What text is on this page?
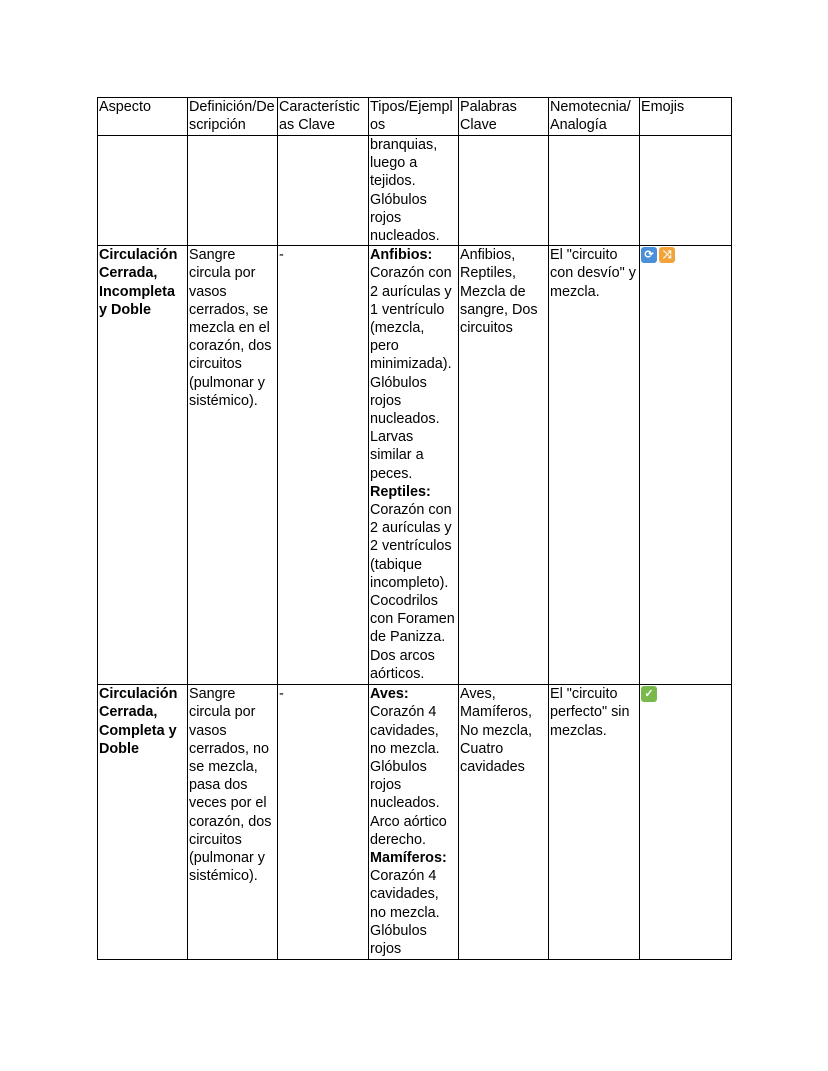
Aspecto	Definición/Descripción	Características Clave	Tipos/Ejemplos	Palabras Clave	Nemotecnia/Analogía	Emojis
			branquias, luego a tejidos. Glóbulos rojos nucleados.			
Circulación Cerrada, Incompleta y Doble	Sangre circula por vasos cerrados, se mezcla en el corazón, dos circuitos (pulmonar y sistémico).	-	Anfibios: Corazón con 2 aurículas y 1 ventrículo (mezcla, pero minimizada). Glóbulos rojos nucleados. Larvas similar a peces.
Reptiles:
Corazón con 2 aurículas y 2 ventrículos (tabique incompleto). Cocodrilos con Foramen de Panizza. Dos arcos aórticos.	Anfibios, Reptiles, Mezcla de sangre, Dos circuitos	El "circuito con desvío" y mezcla.	⟳ ⤨
Circulación Cerrada, Completa y Doble	Sangre circula por vasos cerrados, no se mezcla, pasa dos veces por el corazón, dos circuitos (pulmonar y sistémico).	-	Aves: Corazón 4 cavidades, no mezcla. Glóbulos rojos nucleados. Arco aórtico derecho.
Mamíferos:
Corazón 4 cavidades, no mezcla. Glóbulos rojos	Aves, Mamíferos, No mezcla, Cuatro cavidades	El "circuito perfecto" sin mezclas.	✓
